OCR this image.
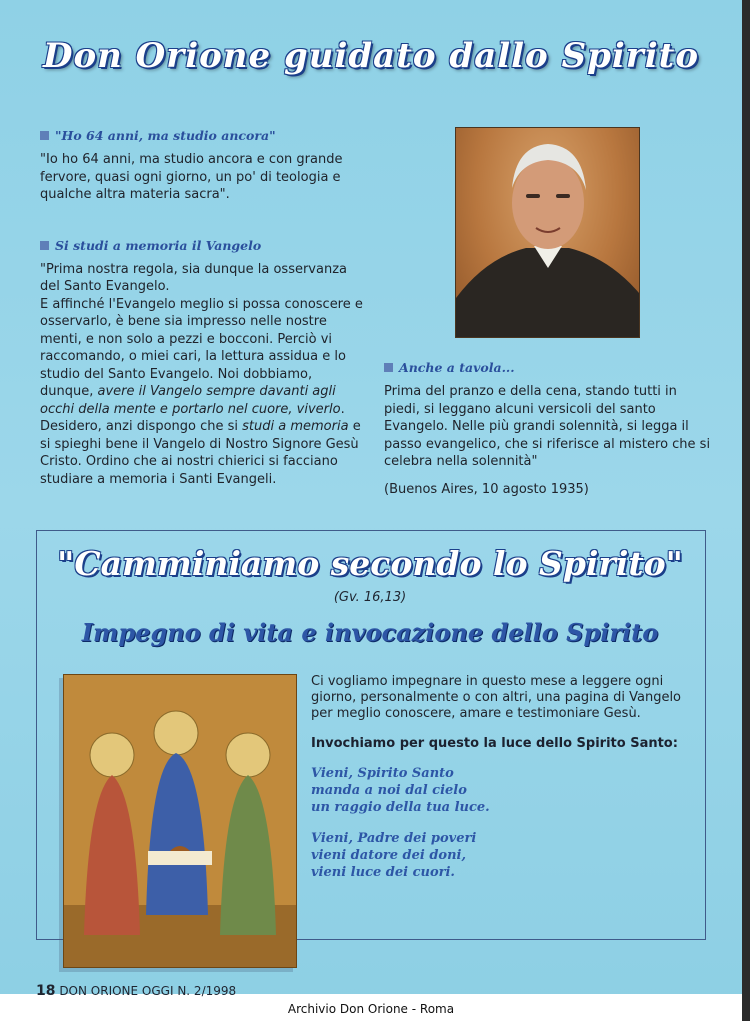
Don Orione guidato dallo Spirito
"Ho 64 anni, ma studio ancora"

"Io ho 64 anni, ma studio ancora e con grande fervore, quasi ogni giorno, un po' di teologia e qualche altra materia sacra".

Si studi a memoria il Vangelo

"Prima nostra regola, sia dunque la osservanza del Santo Evangelo.

E affinché l'Evangelo meglio si possa conoscere e osservarlo, è bene sia impresso nelle nostre menti, e non solo a pezzi e bocconi. Perciò vi raccomando, o miei cari, la lettura assidua e lo studio del Santo Evangelo. Noi dobbiamo, dunque, avere il Vangelo sempre davanti agli occhi della mente e portarlo nel cuore, viverlo. Desidero, anzi dispongo che si studi a memoria e si spieghi bene il Vangelo di Nostro Signore Gesù Cristo. Ordino che ai nostri chierici si facciano studiare a memoria i Santi Evangeli.

Anche a tavola...

Prima del pranzo e della cena, stando tutti in piedi, si leggano alcuni versicoli del santo Evangelo. Nelle più grandi solennità, si legga il passo evangelico, che si riferisce al mistero che si celebra nella solennità"

(Buenos Aires, 10 agosto 1935)

"Camminiamo secondo lo Spirito"
(Gv. 16,13)
Impegno di vita e invocazione dello Spirito

Ci vogliamo impegnare in questo mese a leggere ogni giorno, personalmente o con altri, una pagina di Vangelo per meglio conoscere, amare e testimoniare Gesù.

Invochiamo per questo la luce dello Spirito Santo:

Vieni, Spirito Santo
manda a noi dal cielo
un raggio della tua luce.

Vieni, Padre dei poveri
vieni datore dei doni,
vieni luce dei cuori.

18 DON ORIONE OGGI N. 2/1998
Archivio Don Orione - Roma
